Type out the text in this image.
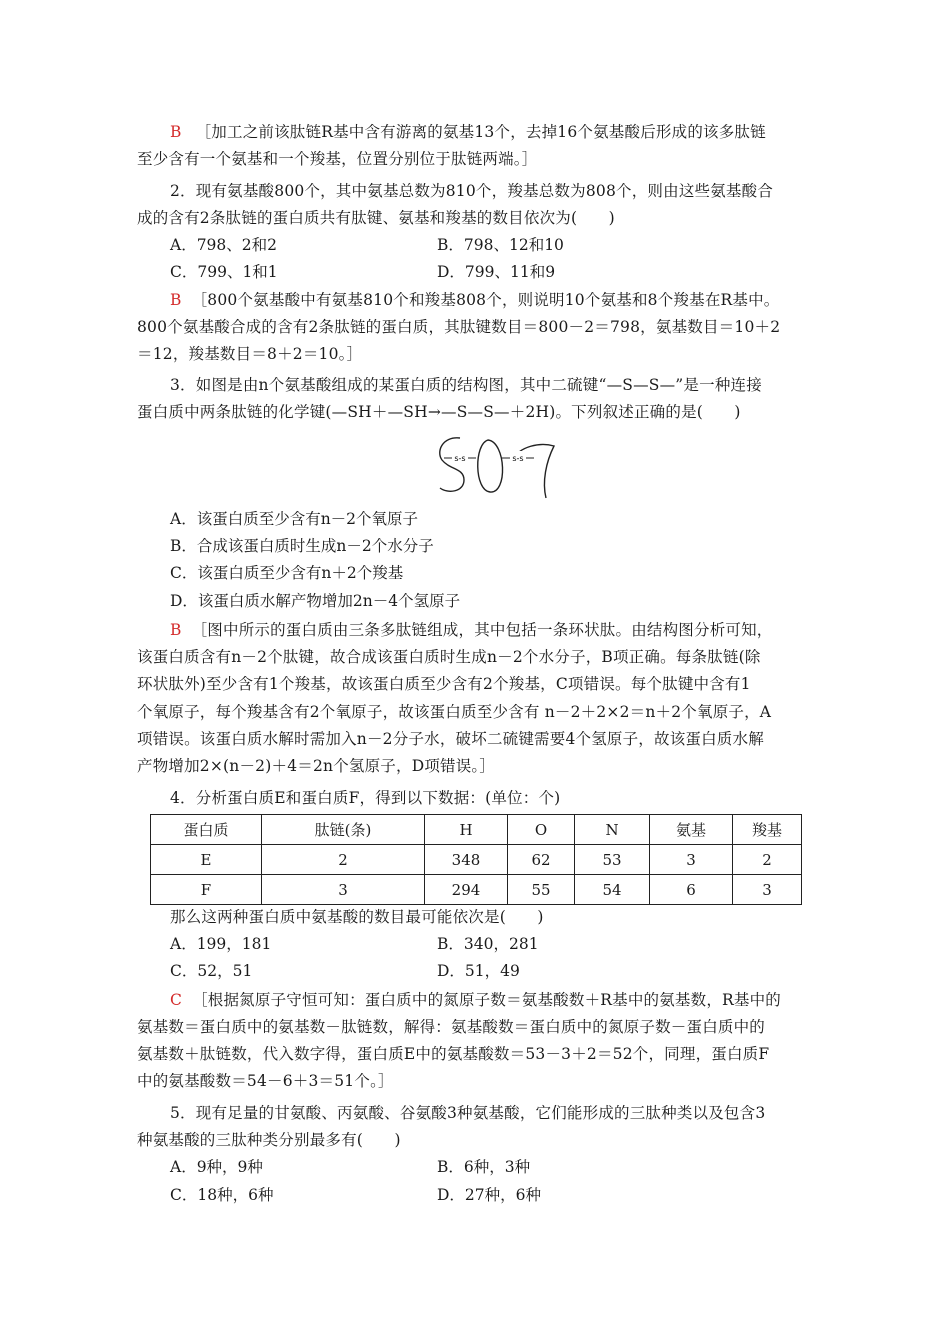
B ［加工之前该肽链R基中含有游离的氨基13个，去掉16个氨基酸后形成的该多肽链
至少含有一个氨基和一个羧基，位置分别位于肽链两端。］
2．现有氨基酸800个，其中氨基总数为810个，羧基总数为808个，则由这些氨基酸合
成的含有2条肽链的蛋白质共有肽键、氨基和羧基的数目依次为(　　)
A．798、2和2	B．798、12和10
C．799、1和1	D．799、11和9
B ［800个氨基酸中有氨基810个和羧基808个，则说明10个氨基和8个羧基在R基中。
800个氨基酸合成的含有2条肽链的蛋白质，其肽键数目＝800－2＝798，氨基数目＝10＋2
＝12，羧基数目＝8＋2＝10。］
3．如图是由n个氨基酸组成的某蛋白质的结构图，其中二硫键“—S—S—”是一种连接
蛋白质中两条肽链的化学键(—SH＋—SH→—S—S—＋2H)。下列叙述正确的是(　　)
s-s	s-s
A．该蛋白质至少含有n－2个氧原子
B．合成该蛋白质时生成n－2个水分子
C．该蛋白质至少含有n＋2个羧基
D．该蛋白质水解产物增加2n－4个氢原子
B ［图中所示的蛋白质由三条多肽链组成，其中包括一条环状肽。由结构图分析可知，
该蛋白质含有n－2个肽键，故合成该蛋白质时生成n－2个水分子，B项正确。每条肽链(除
环状肽外)至少含有1个羧基，故该蛋白质至少含有2个羧基，C项错误。每个肽键中含有1
个氧原子，每个羧基含有2个氧原子，故该蛋白质至少含有 n－2＋2×2＝n＋2个氧原子，A
项错误。该蛋白质水解时需加入n－2分子水，破坏二硫键需要4个氢原子，故该蛋白质水解
产物增加2×(n－2)＋4＝2n个氢原子，D项错误。］
4．分析蛋白质E和蛋白质F，得到以下数据：(单位：个)
蛋白质	肽链(条)	H	O	N	氨基	羧基
E	2	348	62	53	3	2
F	3	294	55	54	6	3
那么这两种蛋白质中氨基酸的数目最可能依次是(　　)
A．199，181	B．340，281
C．52，51	D．51，49
C ［根据氮原子守恒可知：蛋白质中的氮原子数＝氨基酸数＋R基中的氨基数，R基中的
氨基数＝蛋白质中的氨基数－肽链数，解得：氨基酸数＝蛋白质中的氮原子数－蛋白质中的
氨基数＋肽链数，代入数字得，蛋白质E中的氨基酸数＝53－3＋2＝52个，同理，蛋白质F
中的氨基酸数＝54－6＋3＝51个。］
5．现有足量的甘氨酸、丙氨酸、谷氨酸3种氨基酸，它们能形成的三肽种类以及包含3
种氨基酸的三肽种类分别最多有(　　)
A．9种，9种	B．6种，3种
C．18种，6种	D．27种，6种
